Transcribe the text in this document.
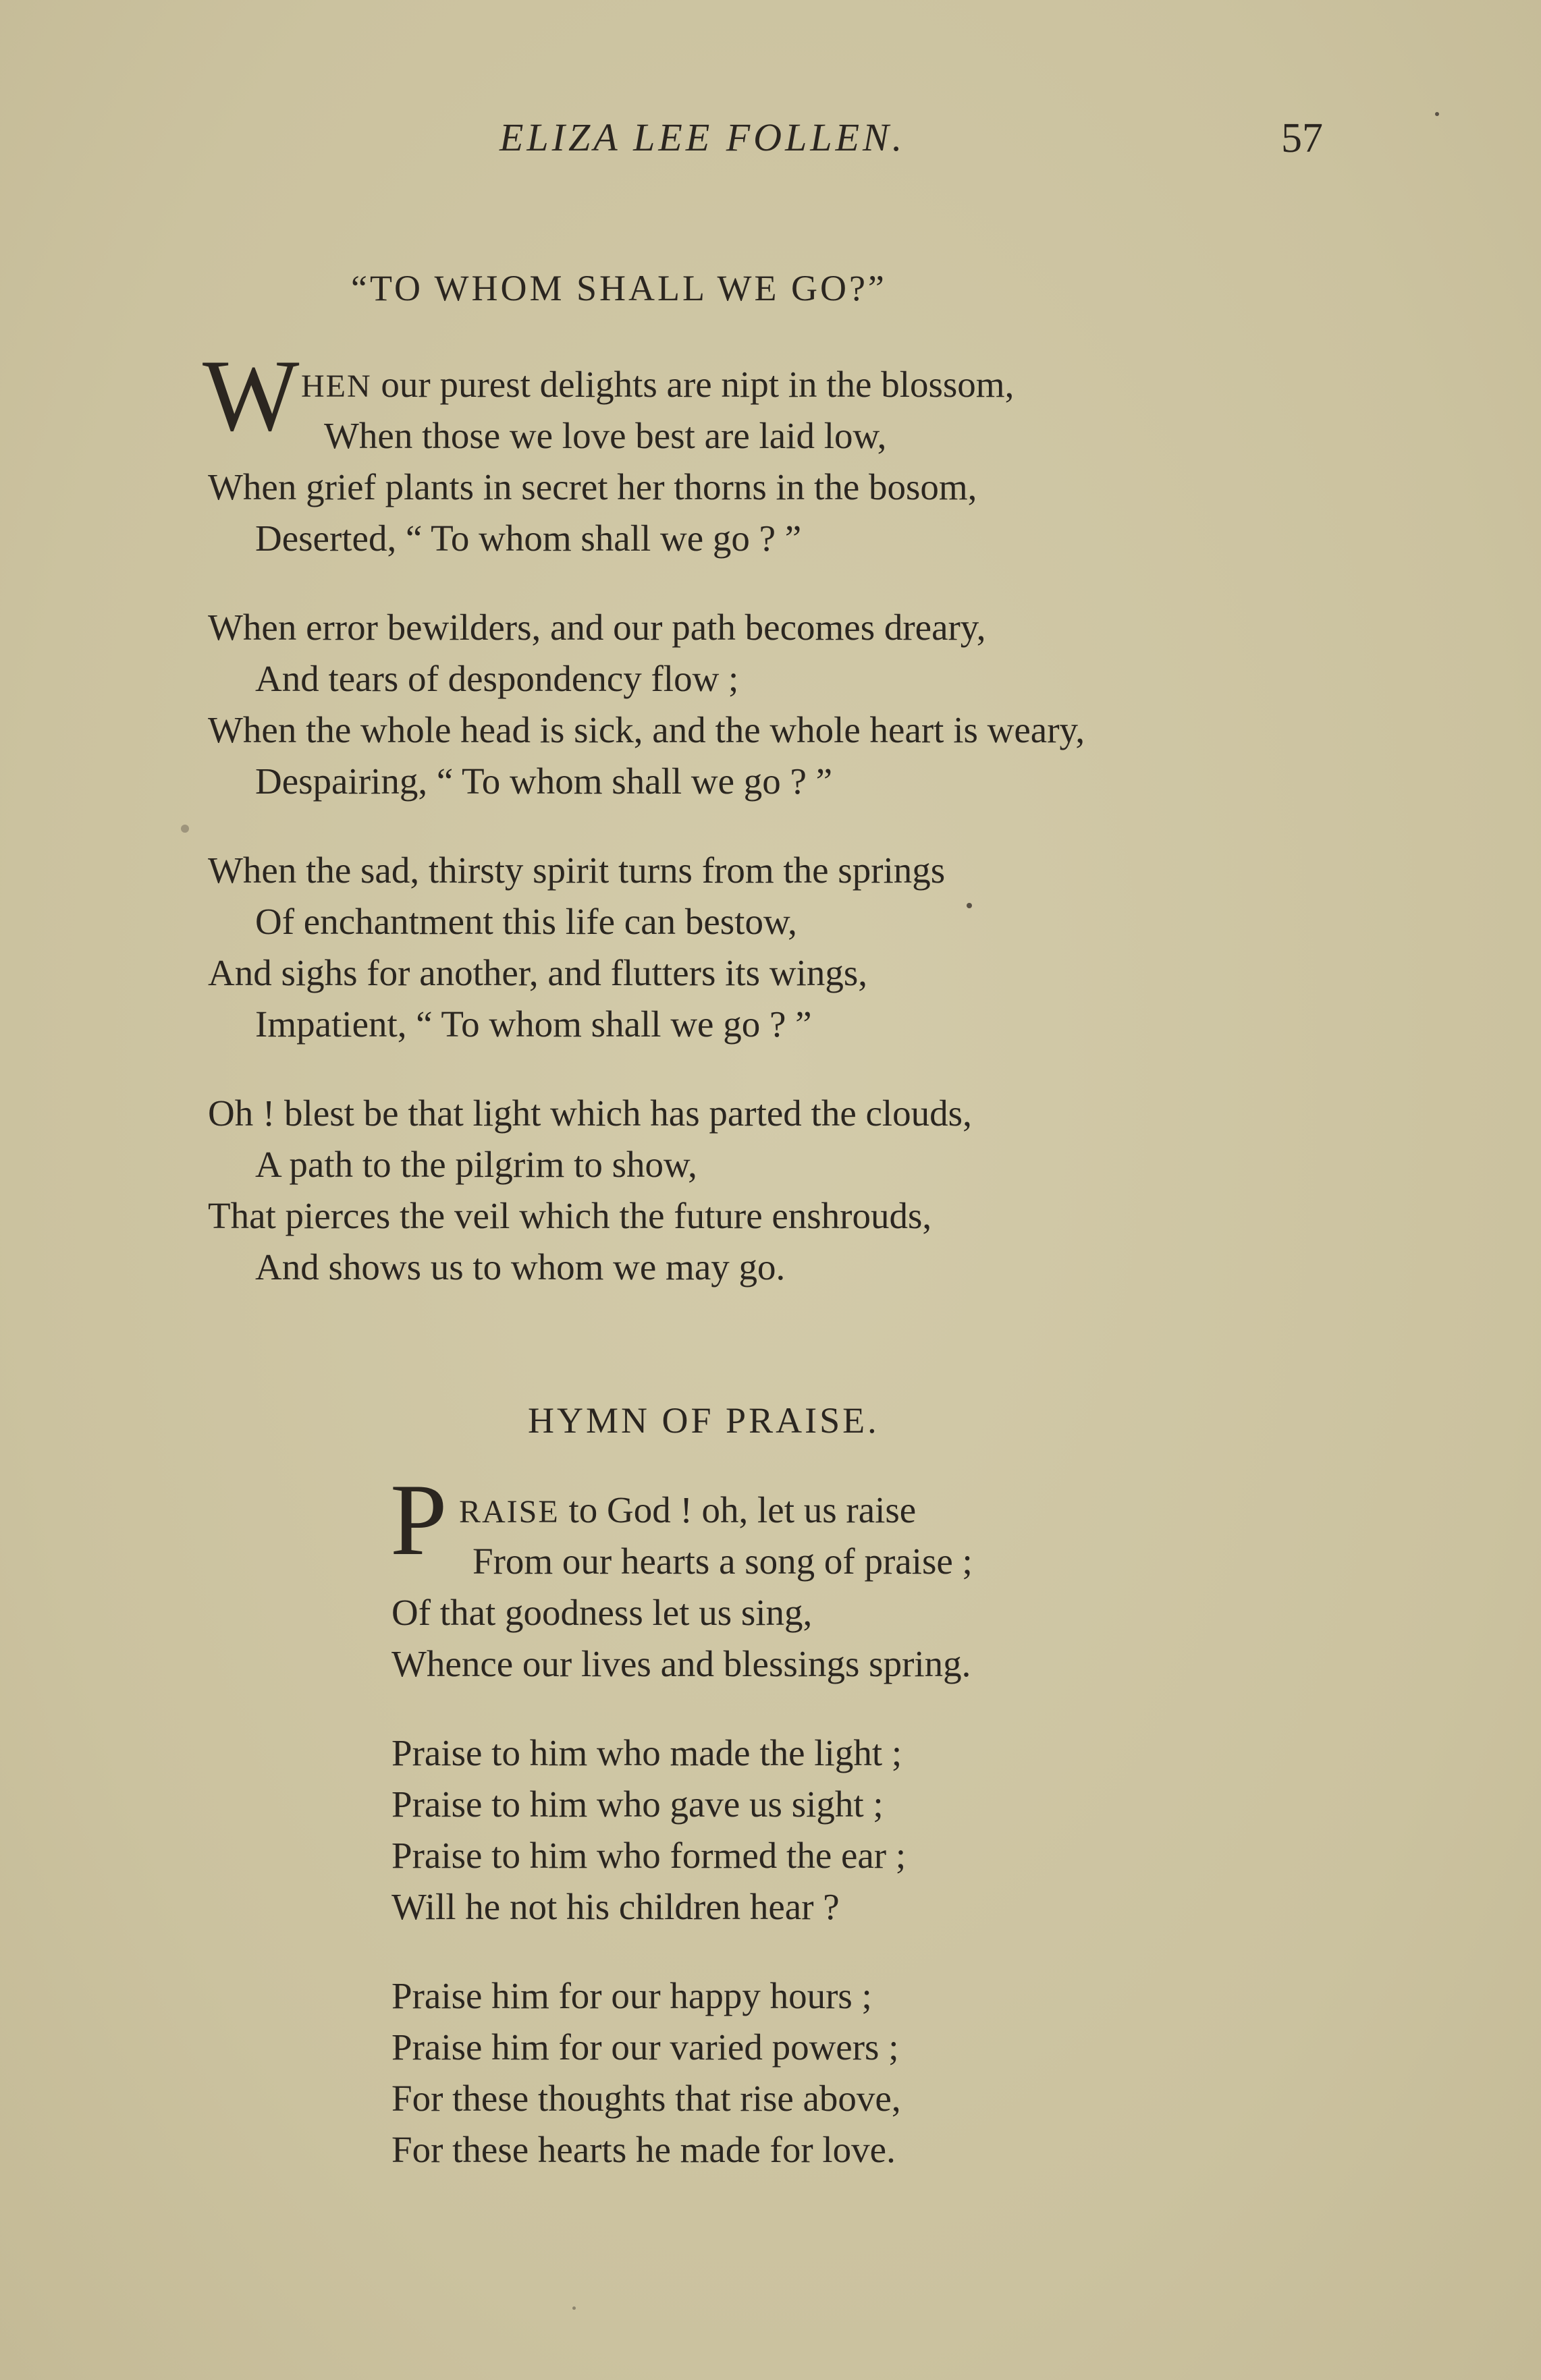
ELIZA LEE FOLLEN.	57
“TO WHOM SHALL WE GO?”
W HEN our purest delights are nipt in the blossom,
When those we love best are laid low,
When grief plants in secret her thorns in the bosom,
Deserted, “ To whom shall we go ? ”
When error bewilders, and our path becomes dreary,
And tears of despondency flow ;
When the whole head is sick, and the whole heart is weary,
Despairing, “ To whom shall we go ? ”
When the sad, thirsty spirit turns from the springs
Of enchantment this life can bestow,
And sighs for another, and flutters its wings,
Impatient, “ To whom shall we go ? ”
Oh ! blest be that light which has parted the clouds,
A path to the pilgrim to show,
That pierces the veil which the future enshrouds,
And shows us to whom we may go.
HYMN OF PRAISE.
P RAISE to God ! oh, let us raise
From our hearts a song of praise ;
Of that goodness let us sing,
Whence our lives and blessings spring.
Praise to him who made the light ;
Praise to him who gave us sight ;
Praise to him who formed the ear ;
Will he not his children hear ?
Praise him for our happy hours ;
Praise him for our varied powers ;
For these thoughts that rise above,
For these hearts he made for love.
